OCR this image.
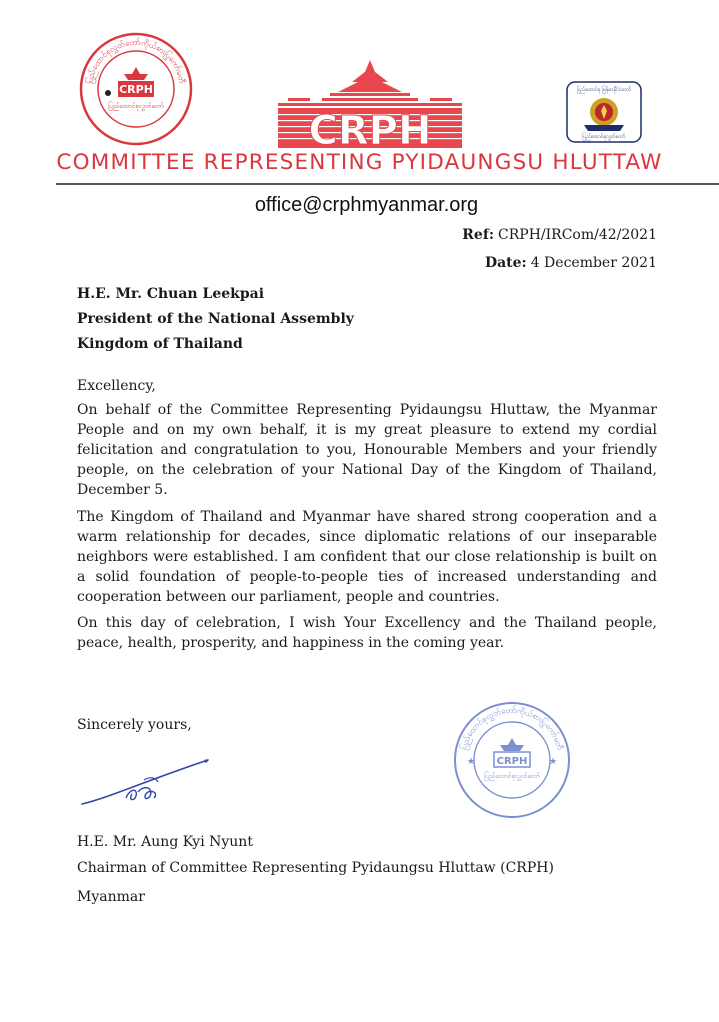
ပြည်ထောင်စုလွှတ်တော်ကိုယ်စားပြုကော်မတီ
CRPH
ပြည်ထောင်စုလွှတ်တော်
CRPH
ပြည်ထောင်စု မြန်မာနိုင်ငံတော်
ပြည်ထောင်စုလွှတ်တော်
COMMITTEE REPRESENTING PYIDAUNGSU HLUTTAW
office@crphmyanmar.org
Ref: CRPH/IRCom/42/2021
Date: 4 December 2021
H.E. Mr. Chuan Leekpai
President of the National Assembly
Kingdom of Thailand
Excellency,
On behalf of the Committee Representing Pyidaungsu Hluttaw, the Myanmar People and on my own behalf, it is my great pleasure to extend my cordial felicitation and congratulation to you, Honourable Members and your friendly people, on the celebration of your National Day of the Kingdom of Thailand, December 5.
The Kingdom of Thailand and Myanmar have shared strong cooperation and a warm relationship for decades, since diplomatic relations of our inseparable neighbors were established. I am confident that our close relationship is built on a solid foundation of people-to-people ties of increased understanding and cooperation between our parliament, people and countries.
On this day of celebration, I wish Your Excellency and the Thailand people, peace, health, prosperity, and happiness in the coming year.
Sincerely yours,
ပြည်ထောင်စုလွှတ်တော်ကိုယ်စားပြုကော်မတီ
CRPH
ပြည်ထောင်စုလွှတ်တော်
★	★
H.E. Mr. Aung Kyi Nyunt
Chairman of Committee Representing Pyidaungsu Hluttaw (CRPH)
Myanmar
